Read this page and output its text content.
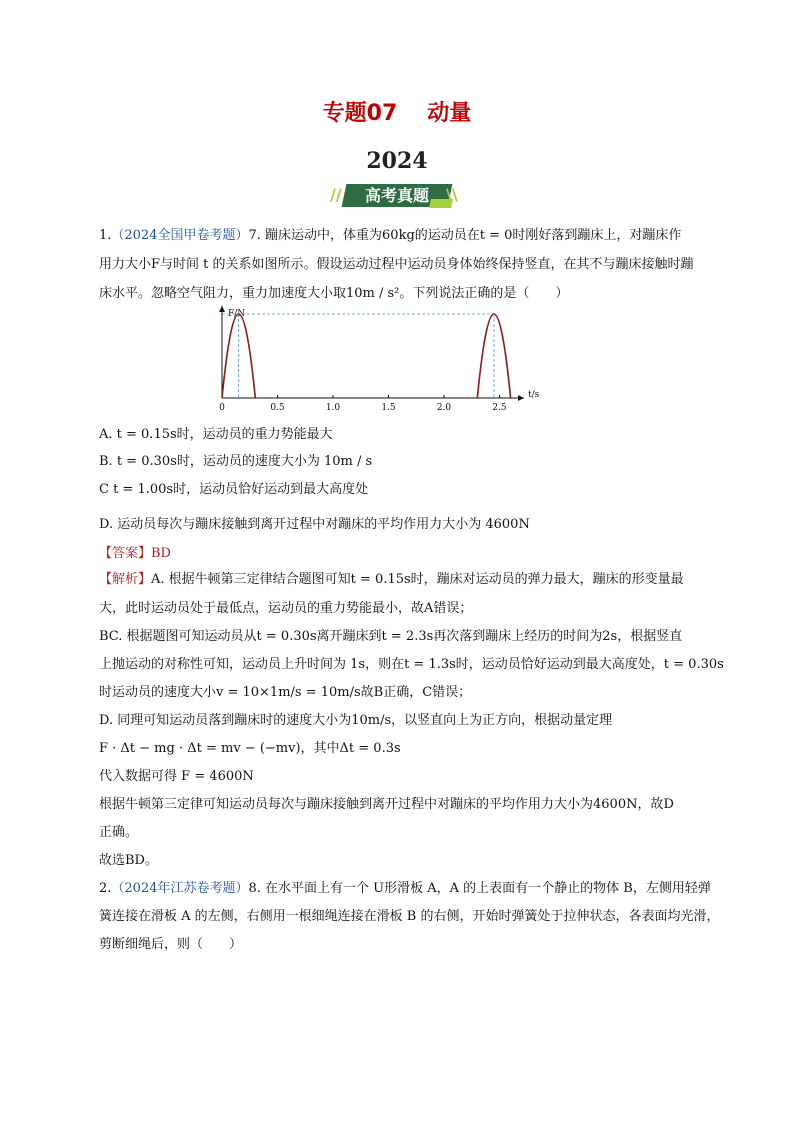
专题07 动量
2024
//	高考真题	\\
1.（2024全国甲卷考题）7. 蹦床运动中，体重为60kg的运动员在t = 0时刚好落到蹦床上，对蹦床作
用力大小F与时间 t 的关系如图所示。假设运动过程中运动员身体始终保持竖直，在其不与蹦床接触时蹦
床水平。忽略空气阻力，重力加速度大小取10m / s²。下列说法正确的是（　　）
F/N
t/s
0	0.5	1.0	1.5	2.0	2.5
A. t = 0.15s时，运动员的重力势能最大
B. t = 0.30s时，运动员的速度大小为 10m / s
C t = 1.00s时，运动员恰好运动到最大高度处
D. 运动员每次与蹦床接触到离开过程中对蹦床的平均作用力大小为 4600N
【答案】BD
【解析】A. 根据牛顿第三定律结合题图可知t = 0.15s时，蹦床对运动员的弹力最大，蹦床的形变量最
大，此时运动员处于最低点，运动员的重力势能最小，故A错误；
BC. 根据题图可知运动员从t = 0.30s离开蹦床到t = 2.3s再次落到蹦床上经历的时间为2s，根据竖直
上抛运动的对称性可知，运动员上升时间为 1s，则在t = 1.3s时，运动员恰好运动到最大高度处，t = 0.30s
时运动员的速度大小v = 10×1m/s = 10m/s故B正确，C错误；
D. 同理可知运动员落到蹦床时的速度大小为10m/s，以竖直向上为正方向，根据动量定理
F · Δt − mg · Δt = mv − (−mv)，其中Δt = 0.3s
代入数据可得 F = 4600N
根据牛顿第三定律可知运动员每次与蹦床接触到离开过程中对蹦床的平均作用力大小为4600N，故D
正确。
故选BD。
2.（2024年江苏卷考题）8. 在水平面上有一个 U形滑板 A，A 的上表面有一个静止的物体 B，左侧用轻弹
簧连接在滑板 A 的左侧，右侧用一根细绳连接在滑板 B 的右侧，开始时弹簧处于拉伸状态，各表面均光滑，
剪断细绳后，则（　　）
